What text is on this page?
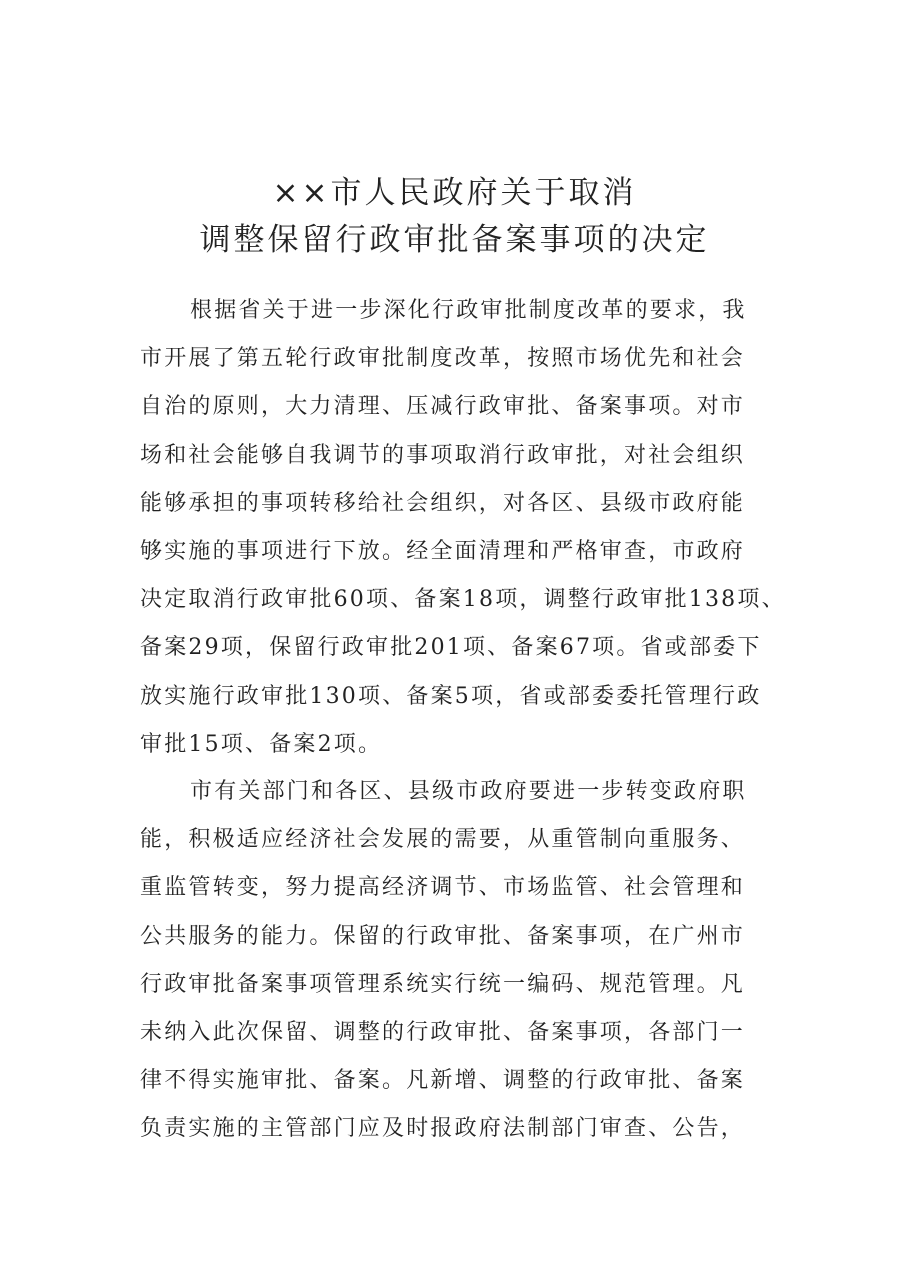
××市人民政府关于取消
调整保留行政审批备案事项的决定
根据省关于进一步深化行政审批制度改革的要求，我
市开展了第五轮行政审批制度改革，按照市场优先和社会
自治的原则，大力清理、压减行政审批、备案事项。对市
场和社会能够自我调节的事项取消行政审批，对社会组织
能够承担的事项转移给社会组织，对各区、县级市政府能
够实施的事项进行下放。经全面清理和严格审查，市政府
决定取消行政审批60项、备案18项，调整行政审批138项、
备案29项，保留行政审批201项、备案67项。省或部委下
放实施行政审批130项、备案5项，省或部委委托管理行政
审批15项、备案2项。
市有关部门和各区、县级市政府要进一步转变政府职
能，积极适应经济社会发展的需要，从重管制向重服务、
重监管转变，努力提高经济调节、市场监管、社会管理和
公共服务的能力。保留的行政审批、备案事项，在广州市
行政审批备案事项管理系统实行统一编码、规范管理。凡
未纳入此次保留、调整的行政审批、备案事项，各部门一
律不得实施审批、备案。凡新增、调整的行政审批、备案
负责实施的主管部门应及时报政府法制部门审查、公告，
